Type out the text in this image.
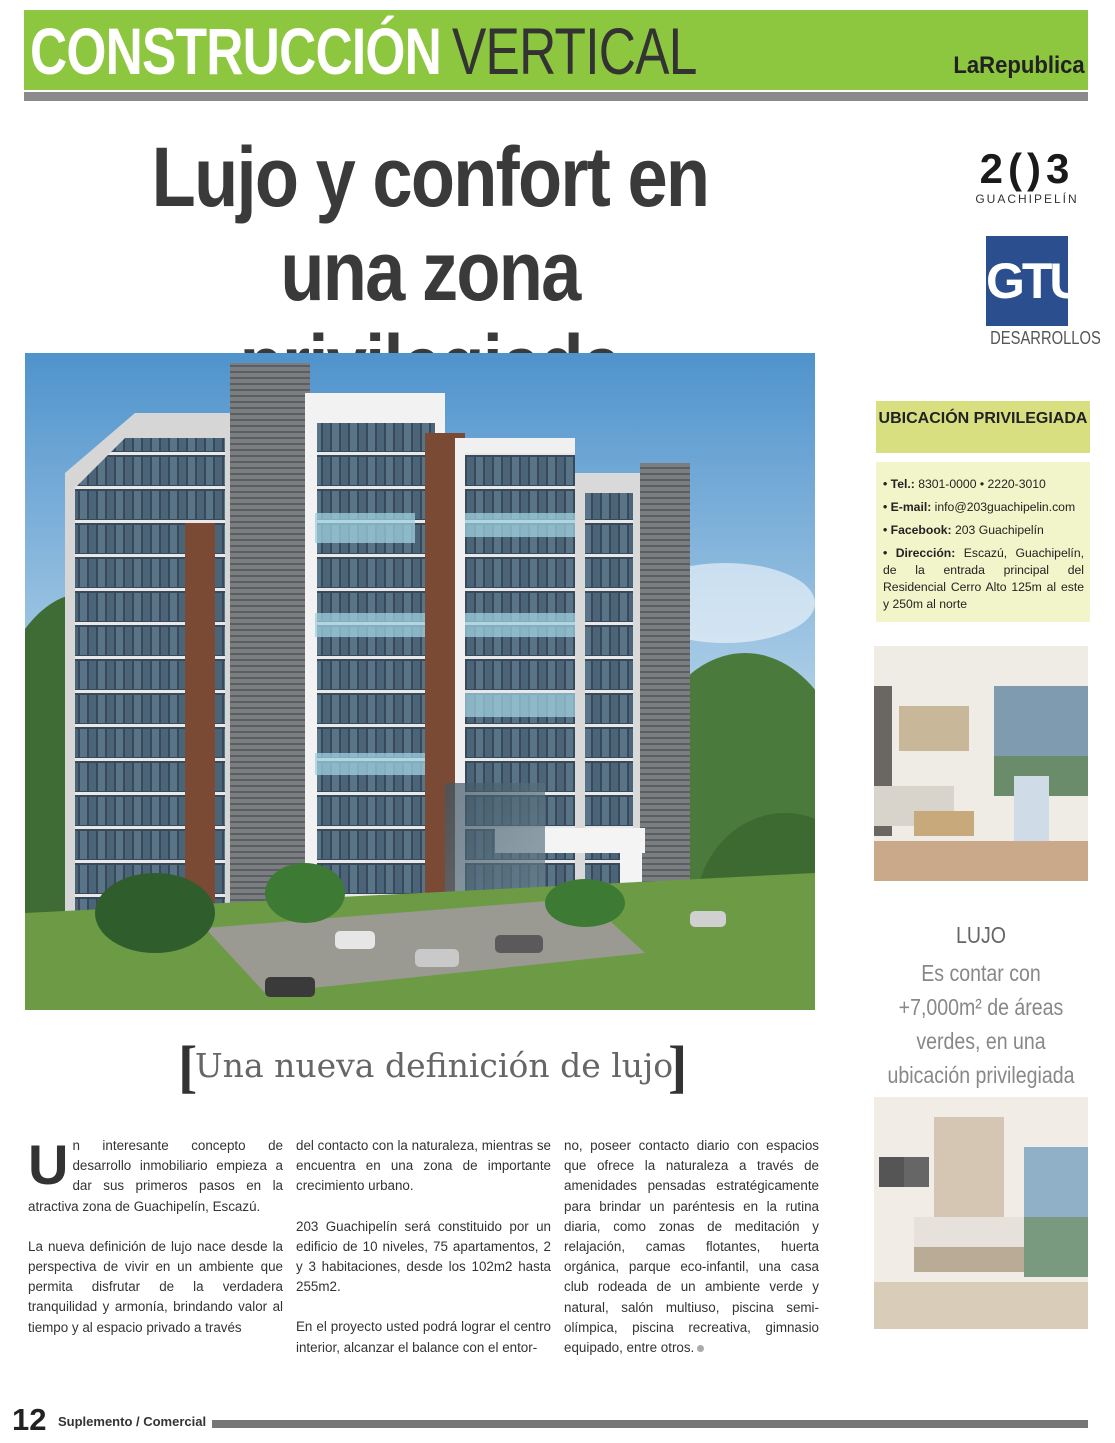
CONSTRUCCIÓN VERTICAL	LaRepublica
Lujo y confort en una zona
2()3
GUACHIPELÍN
GTU
DESARROLLOS
[
Una nueva definición de lujo
]

Un interesante concepto de desarrollo inmobiliario empieza a dar sus primeros pasos en la atractiva zona de Guachipelín, Escazú.

La nueva definición de lujo nace desde la perspectiva de vivir en un ambiente que permita disfrutar de la verdadera tranquilidad y armonía, brindando valor al tiempo y al espacio privado a través

del contacto con la naturaleza, mientras se encuentra en una zona de importante crecimiento urbano.

203 Guachipelín será constituido por un edificio de 10 niveles, 75 apartamentos, 2 y 3 habitaciones, desde los 102m2 hasta 255m2.

En el proyecto usted podrá lograr el centro interior, alcanzar el balance con el entor-

no, poseer contacto diario con espacios que ofrece la naturaleza a través de amenidades pensadas estratégicamente para brindar un paréntesis en la rutina diaria, como zonas de meditación y relajación, camas flotantes, huerta orgánica, parque eco-infantil, una casa club rodeada de un ambiente verde y natural, salón multiuso, piscina semi-olímpica, piscina recreativa, gimnasio equipado, entre otros.

UBICACIÓN PRIVILEGIADA
• Tel.: 8301-0000 • 2220-3010
• E-mail: info@203guachipelin.com
• Facebook: 203 Guachipelín
• Dirección: Escazú, Guachipelín, de la entrada principal del Residencial Cerro Alto 125m al este y 250m al norte
LUJO
Es contar con +7,000m² de áreas verdes, en una ubicación privilegiada
12 Suplemento / Comercial
